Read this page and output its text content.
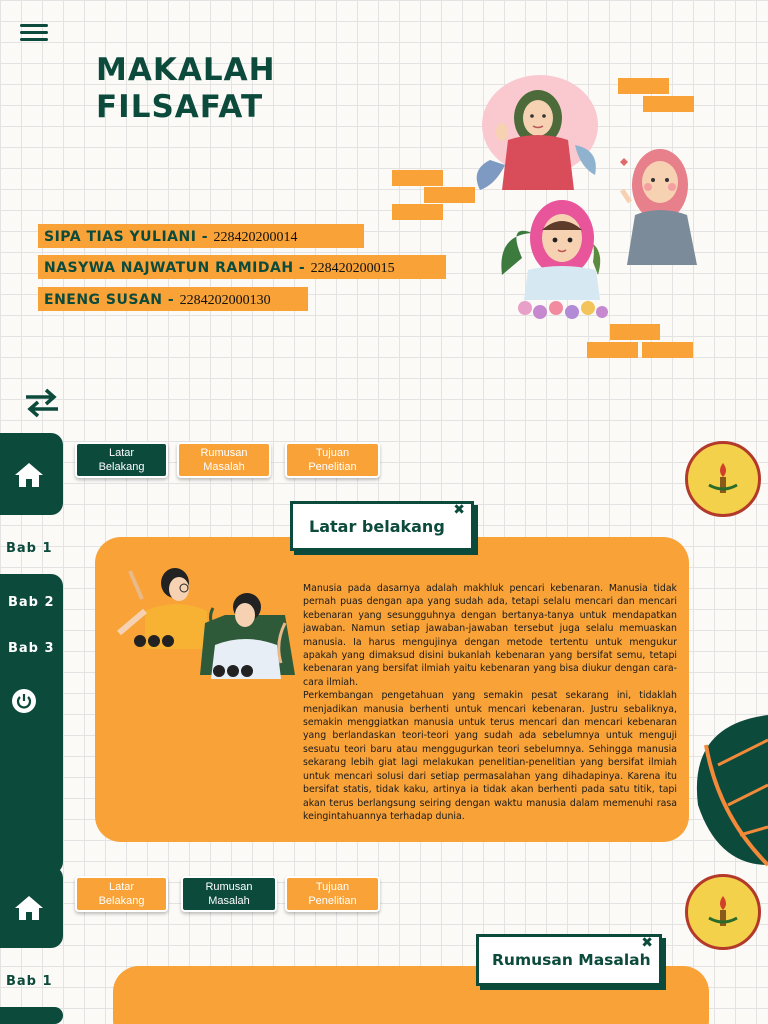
MAKALAH
FILSAFAT
SIPA TIAS YULIANI - 228420200014
NASYWA NAJWATUN RAMIDAH - 228420200015
ENENG SUSAN - 2284202000130
Bab 1
Bab 2
Bab 3
Latar
Belakang
Rumusan
Masalah
Tujuan
Penelitian
Latar belakang
✖

Manusia pada dasarnya adalah makhluk pencari kebenaran. Manusia tidak pernah puas dengan apa yang sudah ada, tetapi selalu mencari dan mencari kebenaran yang sesungguhnya dengan bertanya-tanya untuk mendapatkan jawaban. Namun setiap jawaban-jawaban tersebut juga selalu memuaskan manusia. Ia harus mengujinya dengan metode tertentu untuk mengukur apakah yang dimaksud disini bukanlah kebenaran yang bersifat semu, tetapi kebenaran yang bersifat ilmiah yaitu kebenaran yang bisa diukur dengan cara-cara ilmiah.

Perkembangan pengetahuan yang semakin pesat sekarang ini, tidaklah menjadikan manusia berhenti untuk mencari kebenaran. Justru sebaliknya, semakin menggiatkan manusia untuk terus mencari dan mencari kebenaran yang berlandaskan teori-teori yang sudah ada sebelumnya untuk menguji sesuatu teori baru atau menggugurkan teori sebelumnya. Sehingga manusia sekarang lebih giat lagi melakukan penelitian-penelitian yang bersifat ilmiah untuk mencari solusi dari setiap permasalahan yang dihadapinya. Karena itu bersifat statis, tidak kaku, artinya ia tidak akan berhenti pada satu titik, tapi akan terus berlangsung seiring dengan waktu manusia dalam memenuhi rasa keingintahuannya terhadap dunia.

Bab 1
Latar
Belakang
Rumusan
Masalah
Tujuan
Penelitian
Rumusan Masalah
✖
